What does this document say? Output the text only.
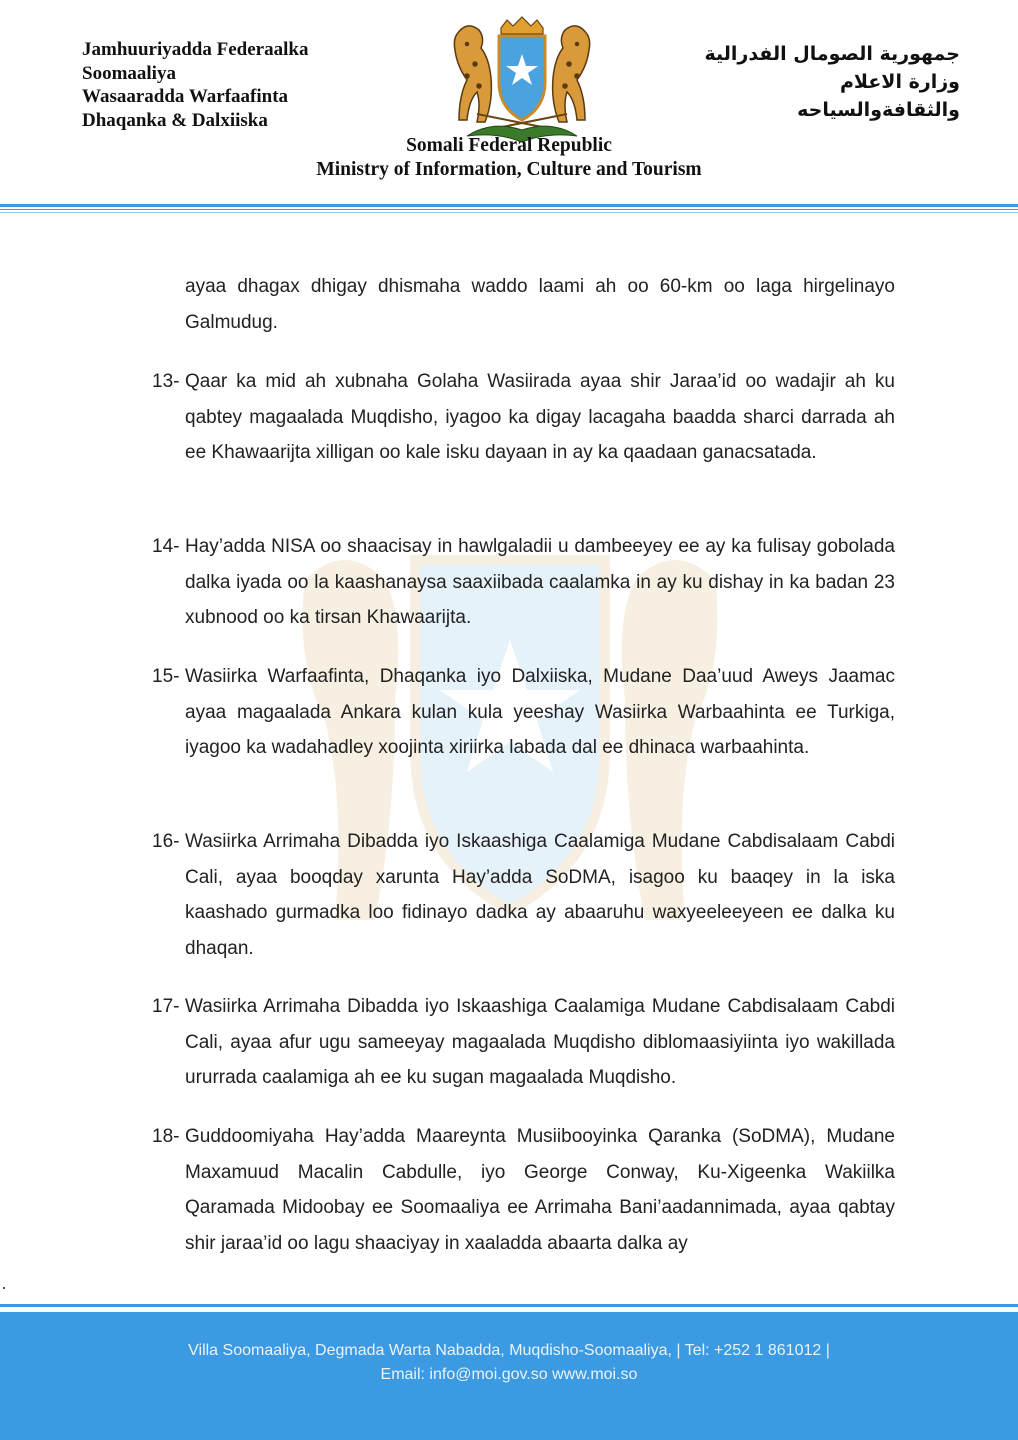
Jamhuuriyadda Federaalka
Soomaaliya
Wasaaradda Warfaafinta
Dhaqanka & Dalxiiska
جمهورية الصومال الفدرالية
وزارة الاعلام
والثقافةوالسياحه
Somali Federal Republic
Ministry of Information, Culture and Tourism
ayaa dhagax dhigay dhismaha waddo laami ah oo 60-km oo laga hirgelinayo Galmudug.
13- Qaar ka mid ah xubnaha Golaha Wasiirada ayaa shir Jaraa’id oo wadajir ah ku qabtey magaalada Muqdisho, iyagoo ka digay lacagaha baadda sharci darrada ah ee Khawaarijta xilligan oo kale isku dayaan in ay ka qaadaan ganacsatada.
14- Hay’adda NISA oo shaacisay in hawlgaladii u dambeeyey ee ay ka fulisay gobolada dalka iyada oo la kaashanaysa saaxiibada caalamka in ay ku dishay in ka badan 23 xubnood oo ka tirsan Khawaarijta.
15- Wasiirka Warfaafinta, Dhaqanka iyo Dalxiiska, Mudane Daa’uud Aweys Jaamac ayaa magaalada Ankara kulan kula yeeshay Wasiirka Warbaahinta ee Turkiga, iyagoo ka wadahadley xoojinta xiriirka labada dal ee dhinaca warbaahinta.
16- Wasiirka Arrimaha Dibadda iyo Iskaashiga Caalamiga Mudane Cabdisalaam Cabdi Cali, ayaa booqday xarunta Hay’adda SoDMA, isagoo ku baaqey in la iska kaashado gurmadka loo fidinayo dadka ay abaaruhu waxyeeleeyeen ee dalka ku dhaqan.
17- Wasiirka Arrimaha Dibadda iyo Iskaashiga Caalamiga Mudane Cabdisalaam Cabdi Cali, ayaa afur ugu sameeyay magaalada Muqdisho diblomaasiyiinta iyo wakillada ururrada caalamiga ah ee ku sugan magaalada Muqdisho.
18- Guddoomiyaha Hay’adda Maareynta Musiibooyinka Qaranka (SoDMA), Mudane Maxamuud Macalin Cabdulle, iyo George Conway, Ku-Xigeenka Wakiilka Qaramada Midoobay ee Soomaaliya ee Arrimaha Bani’aadannimada, ayaa qabtay shir jaraa’id oo lagu shaaciyay in xaaladda abaarta dalka ay
Villa Soomaaliya, Degmada Warta Nabadda, Muqdisho-Soomaaliya, | Tel: +252 1 861012 |
Email: info@moi.gov.so www.moi.so
